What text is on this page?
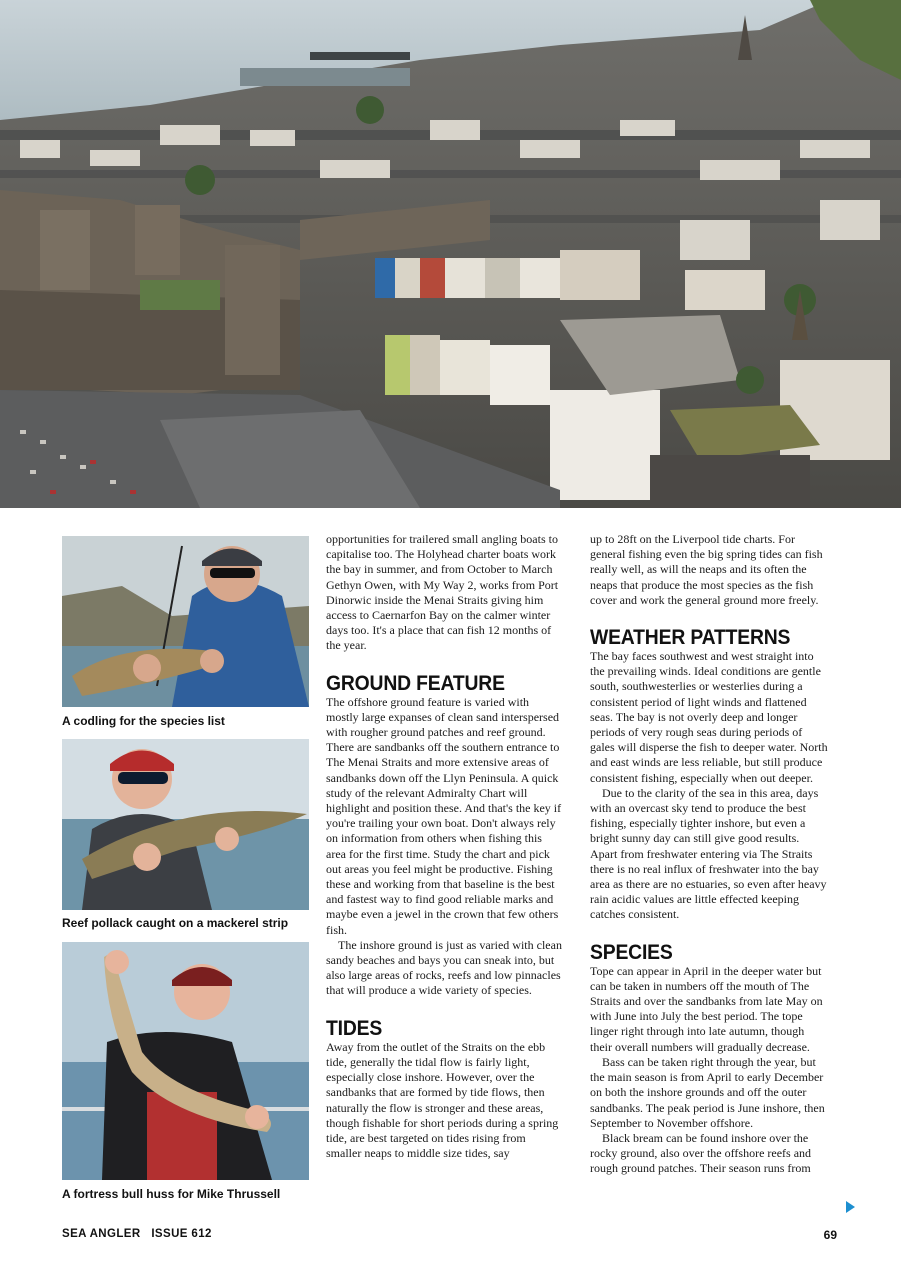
A codling for the species list
Reef pollack caught on a mackerel strip
A fortress bull huss for Mike Thrussell

opportunities for trailered small angling boats to capitalise too. The Holyhead charter boats work the bay in summer, and from October to March Gethyn Owen, with My Way 2, works from Port Dinorwic inside the Menai Straits giving him access to Caernarfon Bay on the calmer winter days too. It's a place that can fish 12 months of the year.

GROUND FEATURE

The offshore ground feature is varied with mostly large expanses of clean sand interspersed with rougher ground patches and reef ground. There are sandbanks off the southern entrance to The Menai Straits and more extensive areas of sandbanks down off the Llyn Peninsula. A quick study of the relevant Admiralty Chart will highlight and position these. And that's the key if you're trailing your own boat. Don't always rely on information from others when fishing this area for the first time. Study the chart and pick out areas you feel might be productive. Fishing these and working from that baseline is the best and fastest way to find good reliable marks and maybe even a jewel in the crown that few others fish.

The inshore ground is just as varied with clean sandy beaches and bays you can sneak into, but also large areas of rocks, reefs and low pinnacles that will produce a wide variety of species.

TIDES

Away from the outlet of the Straits on the ebb tide, generally the tidal flow is fairly light, especially close inshore. However, over the sandbanks that are formed by tide flows, then naturally the flow is stronger and these areas, though fishable for short periods during a spring tide, are best targeted on tides rising from smaller neaps to middle size tides, say

up to 28ft on the Liverpool tide charts. For general fishing even the big spring tides can fish really well, as will the neaps and its often the neaps that produce the most species as the fish cover and work the general ground more freely.

WEATHER PATTERNS

The bay faces southwest and west straight into the prevailing winds. Ideal conditions are gentle south, southwesterlies or westerlies during a consistent period of light winds and flattened seas. The bay is not overly deep and longer periods of very rough seas during periods of gales will disperse the fish to deeper water. North and east winds are less reliable, but still produce consistent fishing, especially when out deeper.

Due to the clarity of the sea in this area, days with an overcast sky tend to produce the best fishing, especially tighter inshore, but even a bright sunny day can still give good results. Apart from freshwater entering via The Straits there is no real influx of freshwater into the bay area as there are no estuaries, so even after heavy rain acidic values are little effected keeping catches consistent.

SPECIES

Tope can appear in April in the deeper water but can be taken in numbers off the mouth of The Straits and over the sandbanks from late May on with June into July the best period. The tope linger right through into late autumn, though their overall numbers will gradually decrease.

Bass can be taken right through the year, but the main season is from April to early December on both the inshore grounds and off the outer sandbanks. The peak period is June inshore, then September to November offshore.

Black bream can be found inshore over the rocky ground, also over the offshore reefs and rough ground patches. Their season runs from

SEA ANGLER   ISSUE 612	69
